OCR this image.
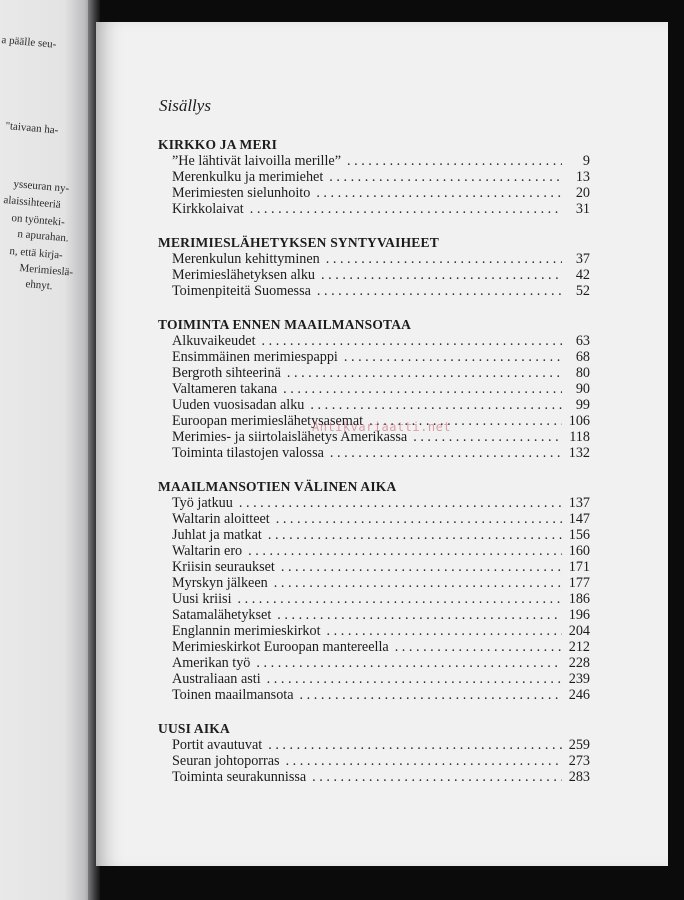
a päälle seu-
"taivaan ha-
ysseuran ny-
alaissihteeriä
on työnteki-
n apurahan.
n, että kirja-
Merimieslä-
ehnyt.
Sisällys
KIRKKO JA MERI
”He lähtivät laivoilla merille” . . .	9
Merenkulku ja merimiehet . . .	13
Merimiesten sielunhoito . . .	20
Kirkkolaivat . . .	31
MERIMIESLÄHETYKSEN SYNTYVAIHEET
Merenkulun kehittyminen . . .	37
Merimieslähetyksen alku . . .	42
Toimenpiteitä Suomessa . . .	52
TOIMINTA ENNEN MAAILMANSOTAA
Alkuvaikeudet . . .	63
Ensimmäinen merimiespappi . . .	68
Bergroth sihteerinä . . .	80
Valtameren takana . . .	90
Uuden vuosisadan alku . . .	99
Euroopan merimieslähetysasemat . . .	106
Merimies- ja siirtolaislähetys Amerikassa . . .	118
Toiminta tilastojen valossa . . .	132
MAAILMANSOTIEN VÄLINEN AIKA
Työ jatkuu . . .	137
Waltarin aloitteet . . .	147
Juhlat ja matkat . . .	156
Waltarin ero . . .	160
Kriisin seuraukset . . .	171
Myrskyn jälkeen . . .	177
Uusi kriisi . . .	186
Satamalähetykset . . .	196
Englannin merimieskirkot . . .	204
Merimieskirkot Euroopan mantereella . . .	212
Amerikan työ . . .	228
Australiaan asti . . .	239
Toinen maailmansota . . .	246
UUSI AIKA
Portit avautuvat . . .	259
Seuran johtoporras . . .	273
Toiminta seurakunnissa . . .	283
Antikvariaatti.net
